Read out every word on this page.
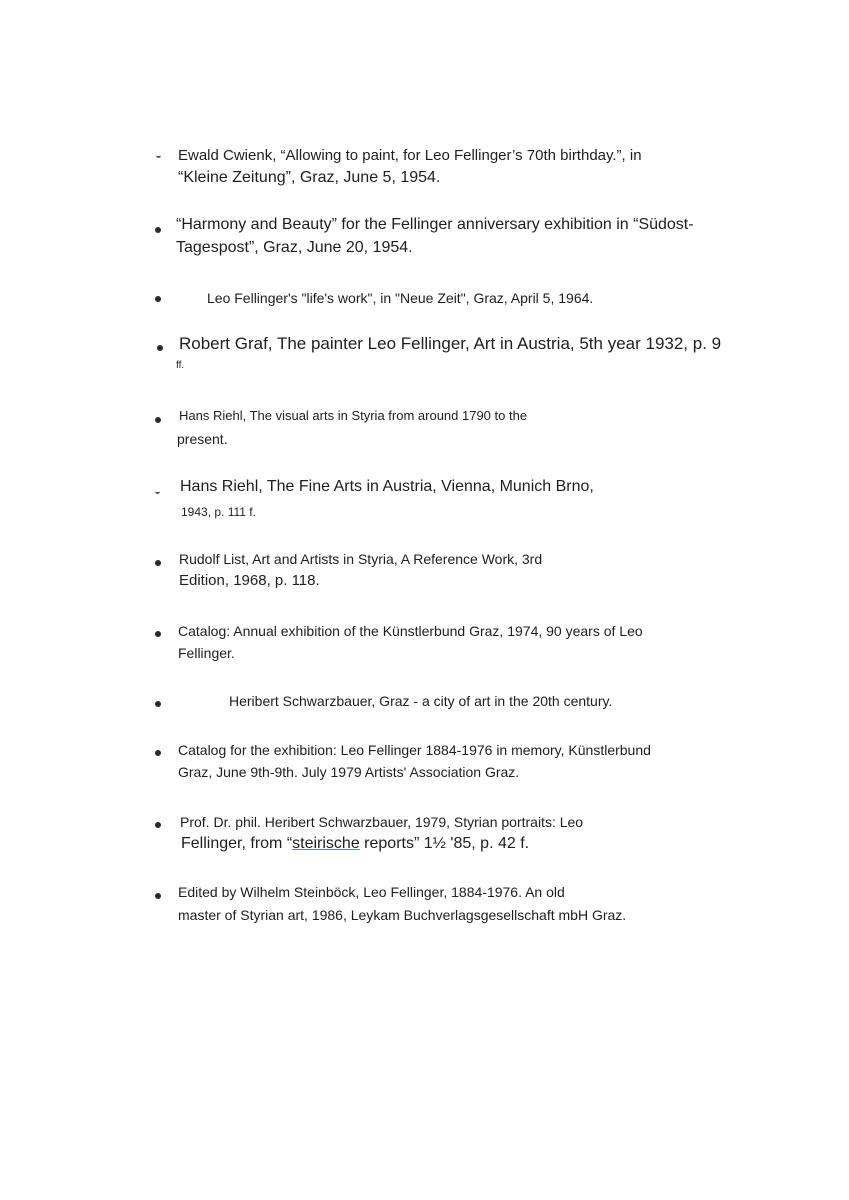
Ewald Cwienk, “Allowing to paint, for Leo Fellinger’s 70th birthday.”, in
“Kleine Zeitung”, Graz, June 5, 1954.
“Harmony and Beauty” for the Fellinger anniversary exhibition in “Südost-
Tagespost”, Graz, June 20, 1954.
Leo Fellinger's "life's work", in "Neue Zeit", Graz, April 5, 1964.
Robert Graf, The painter Leo Fellinger, Art in Austria, 5th year 1932, p. 9
ff.
Hans Riehl, The visual arts in Styria from around 1790 to the
present.
Hans Riehl, The Fine Arts in Austria, Vienna, Munich Brno,
1943, p. 111 f.
Rudolf List, Art and Artists in Styria, A Reference Work, 3rd
Edition, 1968, p. 118.
Catalog: Annual exhibition of the Künstlerbund Graz, 1974, 90 years of Leo
Fellinger.
Heribert Schwarzbauer, Graz - a city of art in the 20th century.
Catalog for the exhibition: Leo Fellinger 1884-1976 in memory, Künstlerbund
Graz, June 9th-9th. July 1979 Artists' Association Graz.
Prof. Dr. phil. Heribert Schwarzbauer, 1979, Styrian portraits: Leo
Fellinger, from “steirische reports” 1½ '85, p. 42 f.
Edited by Wilhelm Steinböck, Leo Fellinger, 1884-1976. An old
master of Styrian art, 1986, Leykam Buchverlagsgesellschaft mbH Graz.
